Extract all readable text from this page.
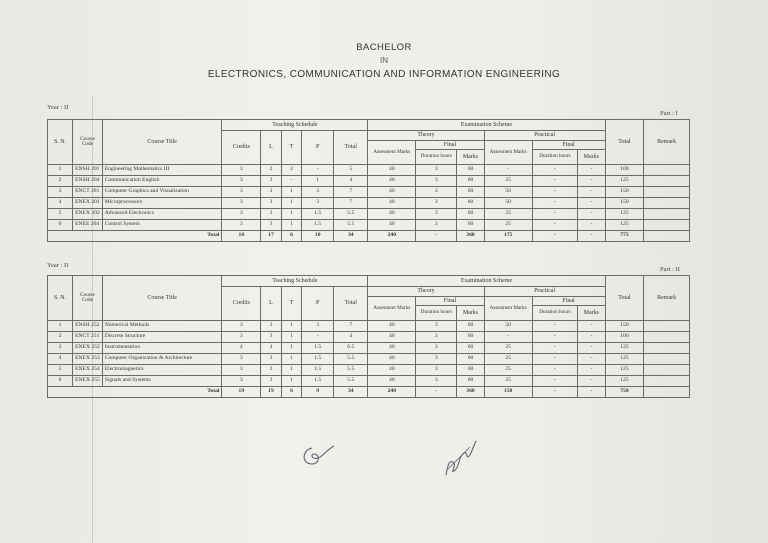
BACHELOR
IN
ELECTRONICS, COMMUNICATION AND INFORMATION ENGINEERING
Year : II
Part : I
S. N.	Course Code	Course Title	Teaching Schedule					Examination Scheme						Total	Remark
			Credits	L	T	P	Total	Theory			Practical				
								Assesment Marks	Final		Assesment Marks	Final			
									Duration hours	Marks		Duration hours	Marks		
1	ENSH 201	Engineering Mathematics III	3	2	2	-	5	40	3	60	-	-	-	100	
2	ENSH 204	Communication English	3	3	-	1	4	40	3	60	25	-	-	125	
3	ENCT 201	Computer Graphics and Visualization	3	3	1	3	7	40	3	60	50	-	-	150	
4	ENEX 201	Microprocessors	3	3	1	3	7	40	3	60	50	-	-	150	
5	ENEX 202	Advanced Electronics	3	3	1	1.5	5.5	40	3	60	25	-	-	125	
6	ENEE 204	Control System	3	3	1	1.5	5.5	40	3	60	25	-	-	125	
Total			18	17	6	10	34	240	-	360	175	-	-	775	
Year : II
Part : II
S. N.	Course Code	Course Title	Teaching Schedule					Examination Scheme						Total	Remark
			Credits	L	T	P	Total	Theory			Practical				
								Assesment Marks	Final		Assesment Marks	Final			
									Duration hours	Marks		Duration hours	Marks		
1	ENSH 252	Numerical Methods	3	3	1	3	7	40	3	60	50	-	-	150	
2	ENCT 251	Discrete Structure	3	3	1	-	4	40	3	60	-	-	-	100	
3	ENEX 252	Instrumentation	4	4	1	1.5	6.5	40	3	60	25	-	-	125	
4	ENEX 253	Computer Organization & Architecture	3	3	1	1.5	5.5	40	3	60	25	-	-	125	
5	ENEX 254	Electromagnetics	3	3	1	1.5	5.5	40	3	60	25	-	-	125	
6	ENEX 255	Signals and Systems	3	3	1	1.5	5.5	40	3	60	25	-	-	125	
Total			19	19	6	9	34	240	-	360	150	-	-	750	
